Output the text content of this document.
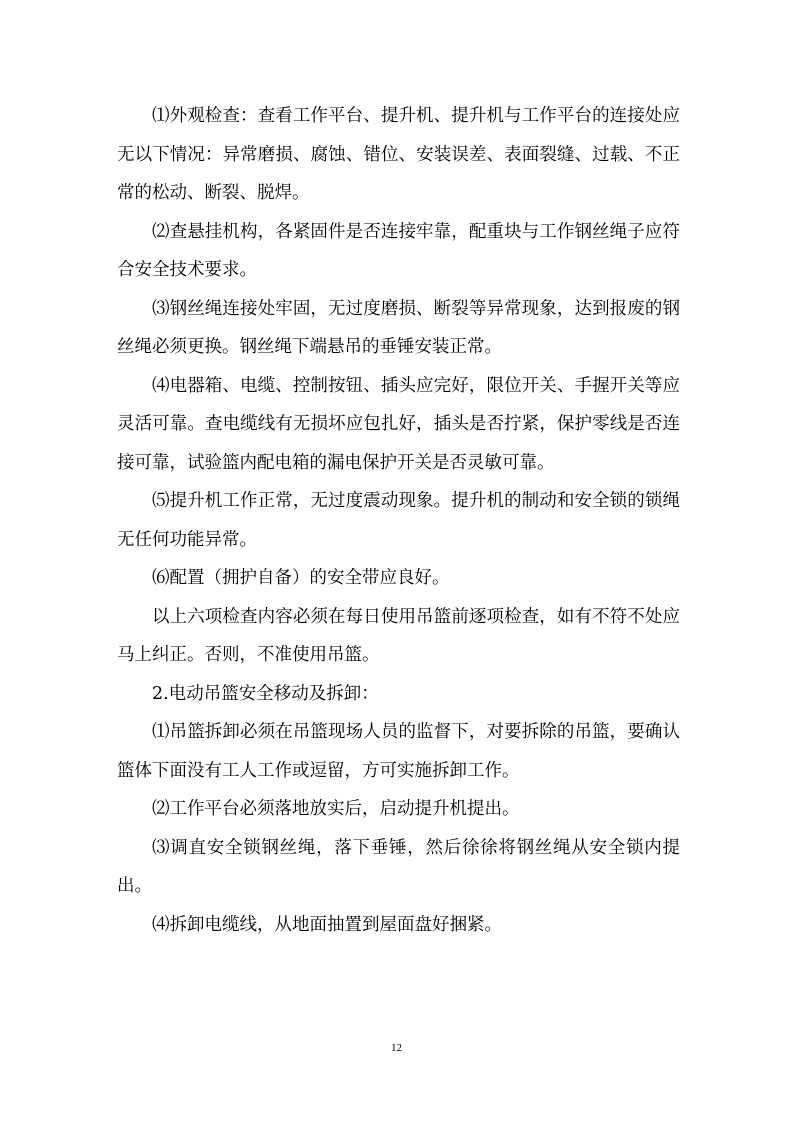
⑴外观检查：查看工作平台、提升机、提升机与工作平台的连接处应无以下情况：异常磨损、腐蚀、错位、安装误差、表面裂缝、过载、不正常的松动、断裂、脱焊。

⑵查悬挂机构，各紧固件是否连接牢靠，配重块与工作钢丝绳子应符合安全技术要求。

⑶钢丝绳连接处牢固，无过度磨损、断裂等异常现象，达到报废的钢丝绳必须更换。钢丝绳下端悬吊的垂锤安装正常。

⑷电器箱、电缆、控制按钮、插头应完好，限位开关、手握开关等应灵活可靠。查电缆线有无损坏应包扎好，插头是否拧紧，保护零线是否连接可靠，试验篮内配电箱的漏电保护开关是否灵敏可靠。

⑸提升机工作正常，无过度震动现象。提升机的制动和安全锁的锁绳无任何功能异常。

⑹配置（拥护自备）的安全带应良好。

以上六项检查内容必须在每日使用吊篮前逐项检查，如有不符不处应马上纠正。否则，不准使用吊篮。

2.电动吊篮安全移动及拆卸：

⑴吊篮拆卸必须在吊篮现场人员的监督下，对要拆除的吊篮，要确认篮体下面没有工人工作或逗留，方可实施拆卸工作。

⑵工作平台必须落地放实后，启动提升机提出。

⑶调直安全锁钢丝绳，落下垂锤，然后徐徐将钢丝绳从安全锁内提出。

⑷拆卸电缆线，从地面抽置到屋面盘好捆紧。

12
